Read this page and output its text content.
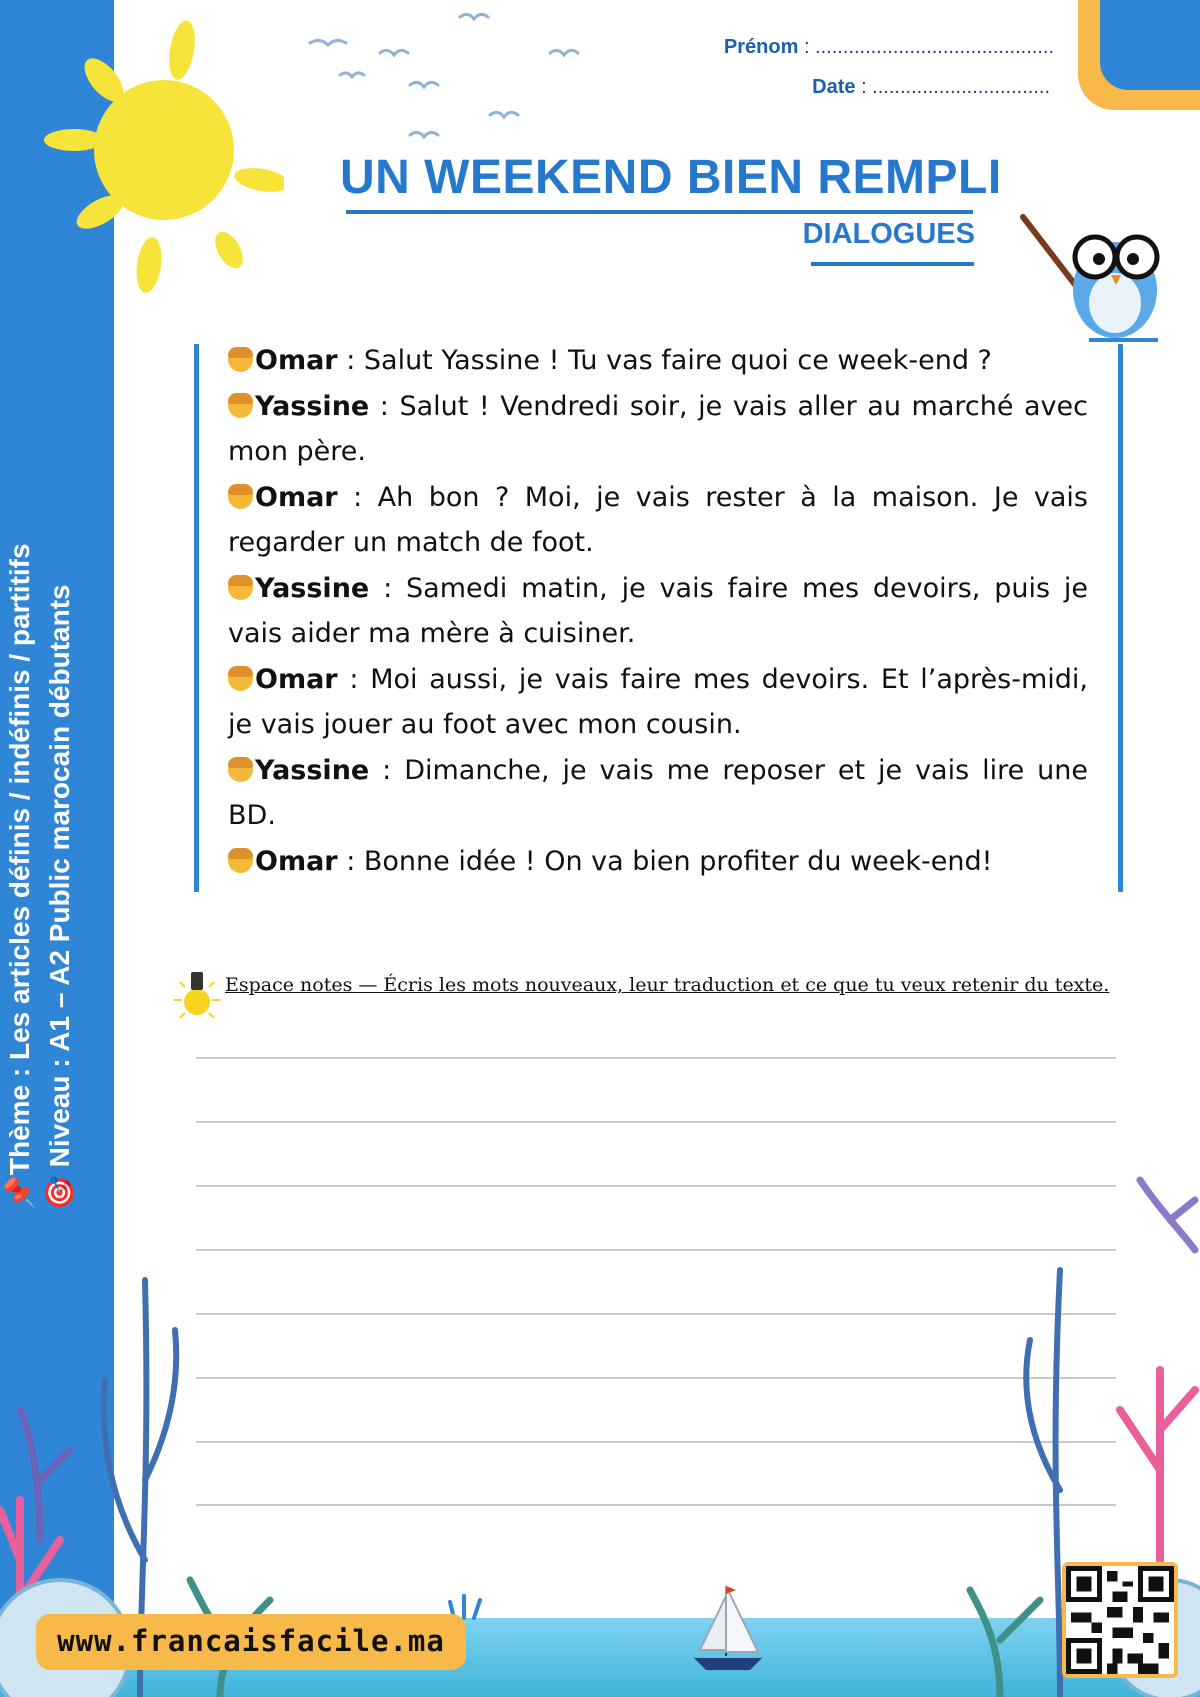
📌Thème : Les articles définis / indéfinis / partitifs 🎯 Niveau : A1 – A2 Public marocain débutants
Prénom : ...........................................
Date : ................................
UN WEEKEND BIEN REMPLI
DIALOGUES

Omar : Salut Yassine ! Tu vas faire quoi ce week-end ?

Yassine : Salut ! Vendredi soir, je vais aller au marché avec mon père.

Omar : Ah bon ? Moi, je vais rester à la maison. Je vais regarder un match de foot.

Yassine : Samedi matin, je vais faire mes devoirs, puis je vais aider ma mère à cuisiner.

Omar : Moi aussi, je vais faire mes devoirs. Et l’après-midi, je vais jouer au foot avec mon cousin.

Yassine : Dimanche, je vais me reposer et je vais lire une BD.

Omar : Bonne idée ! On va bien profiter du week-end!

Espace notes — Écris les mots nouveaux, leur traduction et ce que tu veux retenir du texte.
www.francaisfacile.ma
